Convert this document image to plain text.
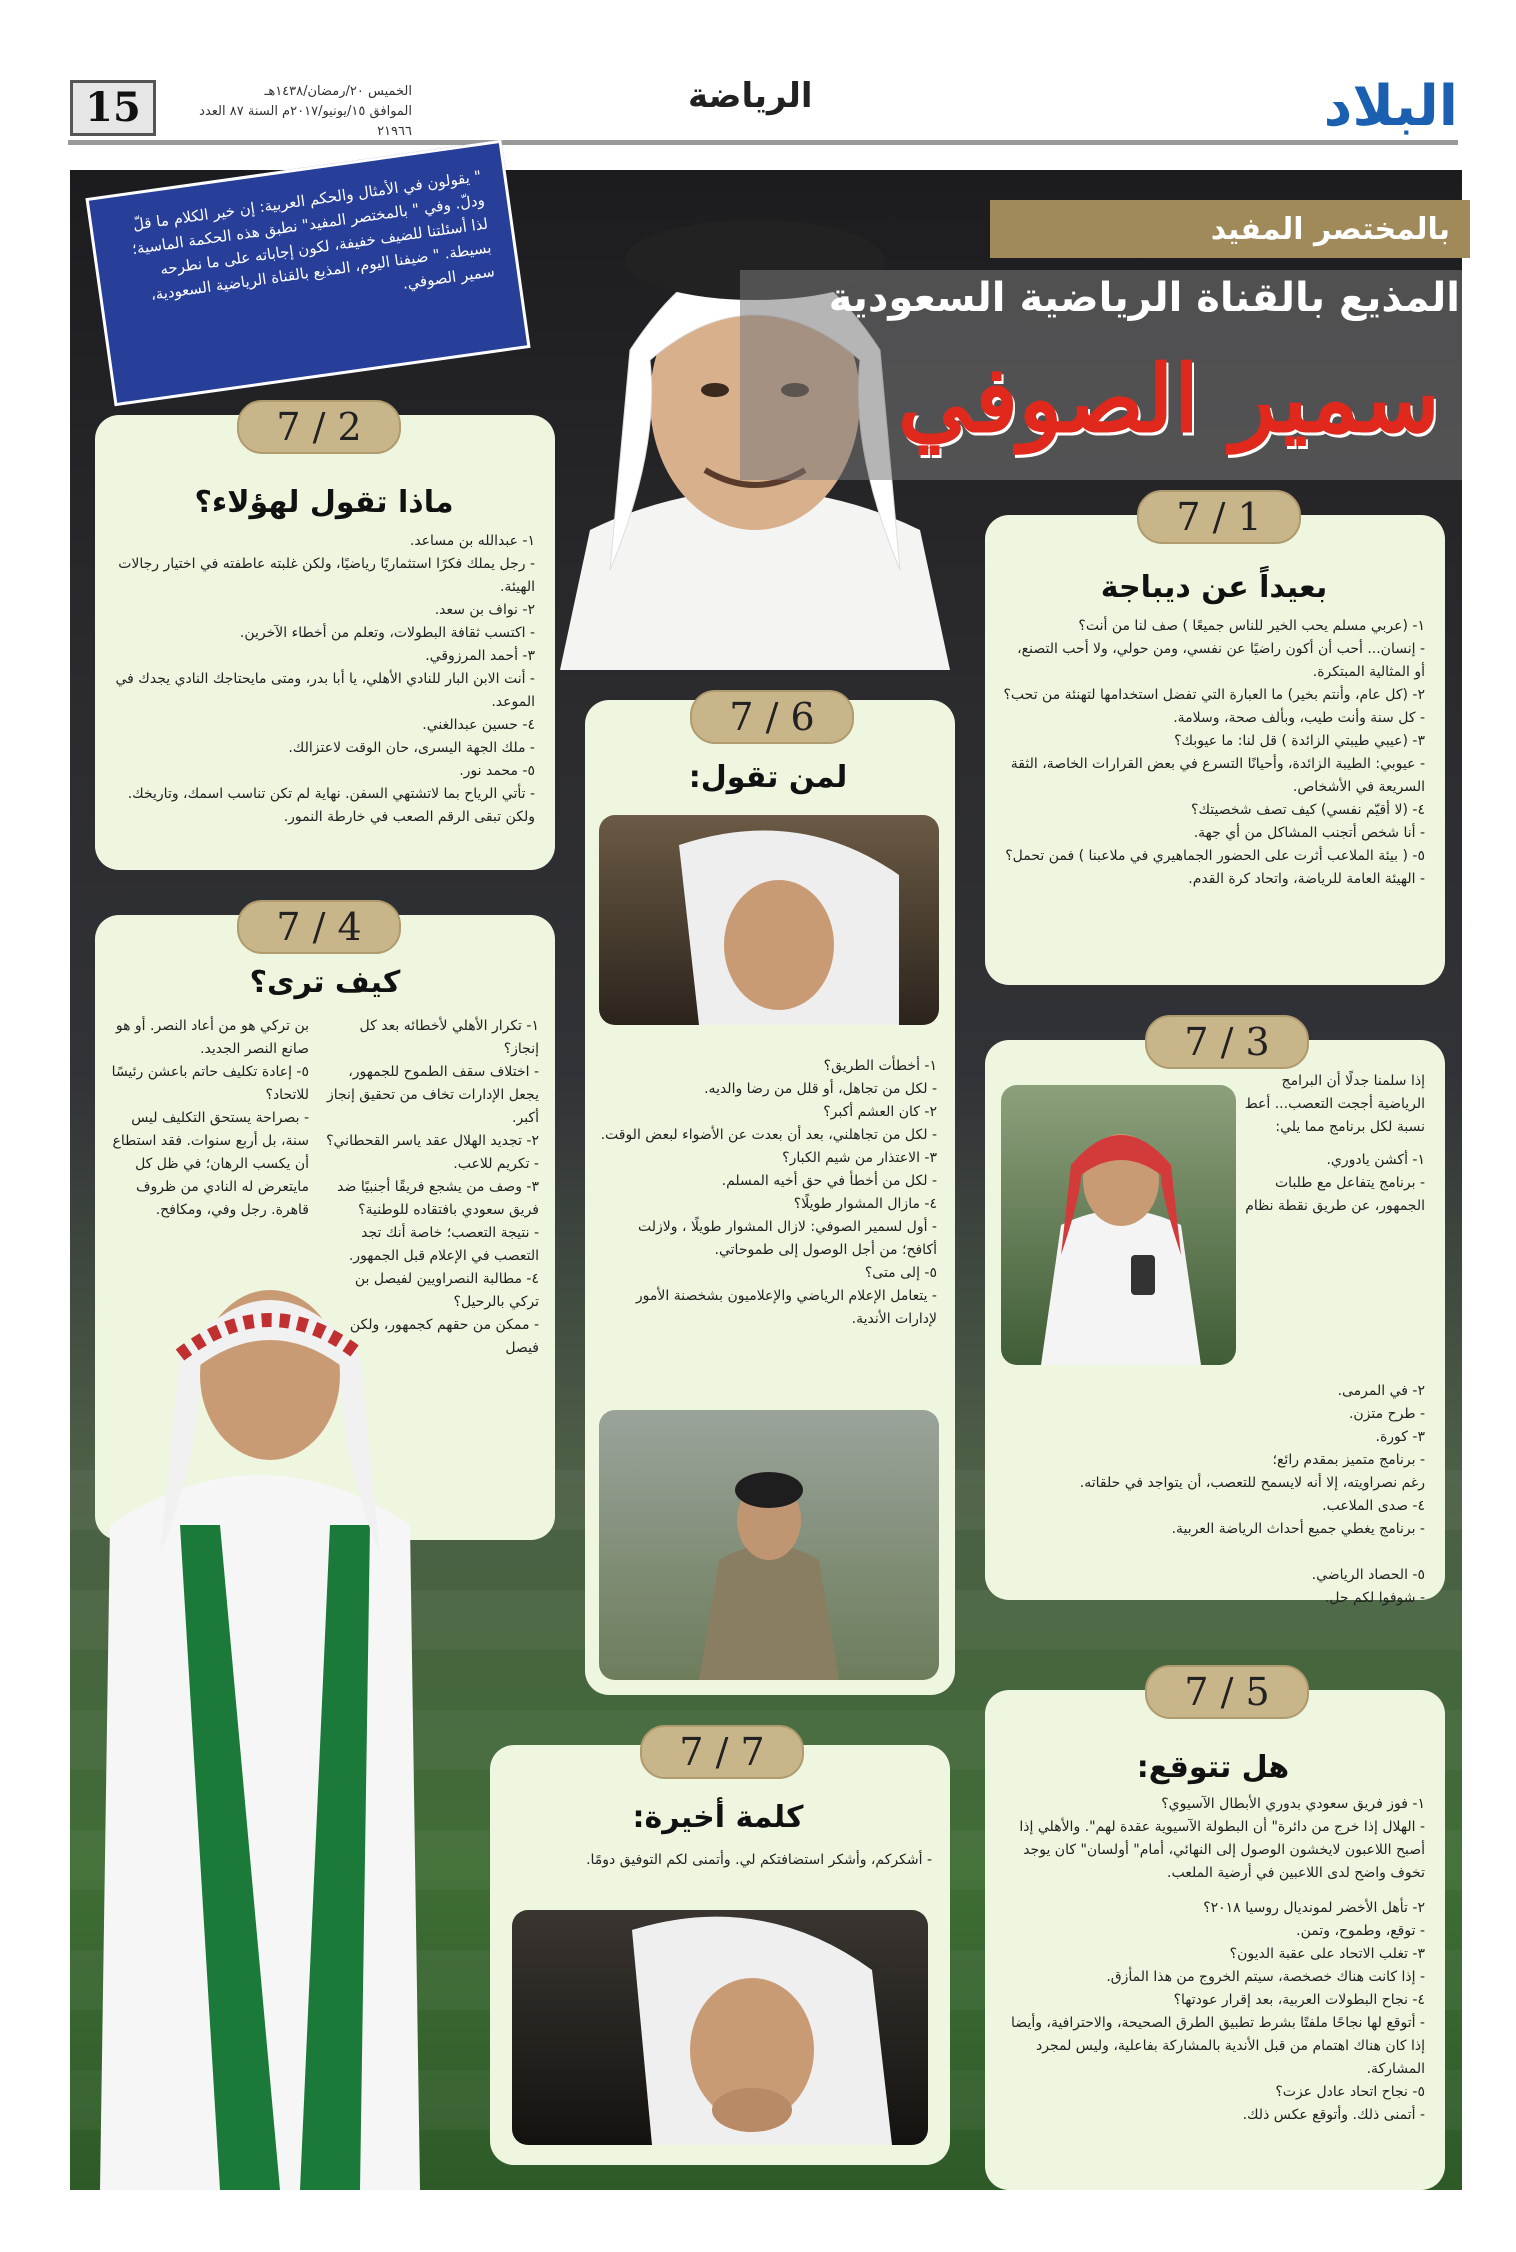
البلاد
الرياضة
15	الخميس ٢٠/رمضان/١٤٣٨هـ
الموافق ١٥/يونيو/٢٠١٧م السنة ٨٧ العدد ٢١٩٦٦
بالمختصر المفيد
المذيع بالقناة الرياضية السعودية
سمير الصوفي
" يقولون في الأمثال والحكم العربية: إن خير الكلام ما قلّ ودلّ. وفي " بالمختصر المفيد" نطبق هذه الحكمة الماسية؛ لذا أسئلتنا للضيف خفيفة، لكون إجاباته على ما نطرحه بسيطة. " ضيفنا اليوم، المذيع بالقناة الرياضية السعودية، سمير الصوفي.
ماذا تقول لهؤلاء؟

١- عبدالله بن مساعد.

- رجل يملك فكرًا استثماريًا رياضيًا، ولكن غلبته عاطفته في اختيار رجالات الهيئة.

٢- نواف بن سعد.

- اكتسب ثقافة البطولات، وتعلم من أخطاء الآخرين.

٣- أحمد المرزوقي.

- أنت الابن البار للنادي الأهلي، يا أبا بدر، ومتى مايحتاجك النادي يجدك في الموعد.

٤- حسين عبدالغني.

- ملك الجهة اليسرى، حان الوقت لاعتزالك.

٥- محمد نور.

- تأتي الرياح بما لاتشتهي السفن. نهاية لم تكن تناسب اسمك، وتاريخك. ولكن تبقى الرقم الصعب في خارطة النمور.

7 / 2
بعيداً عن ديباجة

١- (عربي مسلم يحب الخير للناس جميعًا ) صف لنا من أنت؟

- إنسان... أحب أن أكون راضيًا عن نفسي، ومن حولي، ولا أحب التصنع، أو المثالية المبتكرة.

٢- (كل عام، وأنتم بخير) ما العبارة التي تفضل استخدامها لتهنئة من تحب؟

- كل سنة وأنت طيب، وبألف صحة، وسلامة.

٣- (عيبي طيبتي الزائدة ) قل لنا: ما عيوبك؟

- عيوبي: الطيبة الزائدة، وأحيانًا التسرع في بعض القرارات الخاصة، الثقة السريعة في الأشخاص.

٤- (لا أقيّم نفسي) كيف تصف شخصيتك؟

- أنا شخص أتجنب المشاكل من أي جهة.

٥- ( بيئة الملاعب أثرت على الحضور الجماهيري في ملاعبنا ) فمن تحمل؟

- الهيئة العامة للرياضة، واتحاد كرة القدم.

7 / 1
لمن تقول:

١- أخطأت الطريق؟

- لكل من تجاهل، أو قلل من رضا والديه.

٢- كان العشم أكبر؟

- لكل من تجاهلني، بعد أن بعدت عن الأضواء لبعض الوقت.

٣- الاعتذار من شيم الكبار؟

- لكل من أخطأ في حق أخيه المسلم.

٤- مازال المشوار طويلًا؟

- أول لسمير الصوفي: لازال المشوار طويلًا ، ولازلت أكافح؛ من أجل الوصول إلى طموحاتي.

٥- إلى متى؟

- يتعامل الإعلام الرياضي والإعلاميون بشخصنة الأمور لإدارات الأندية.

7 / 6
كيف ترى؟

١- تكرار الأهلي لأخطائه بعد كل إنجاز؟

- اختلاف سقف الطموح للجمهور، يجعل الإدارات تخاف من تحقيق إنجاز أكبر.

٢- تجديد الهلال عقد ياسر القحطاني؟

- تكريم للاعب.

٣- وصف من يشجع فريقًا أجنبيًا ضد فريق سعودي بافتقاده للوطنية؟

- نتيجة التعصب؛ خاصة أنك تجد التعصب في الإعلام قبل الجمهور.

٤- مطالبة النصراويين لفيصل بن تركي بالرحيل؟

- ممكن من حقهم كجمهور، ولكن فيصل

بن تركي هو من أعاد النصر. أو هو صانع النصر الجديد.

٥- إعادة تكليف حاتم باعشن رئيسًا للاتحاد؟

- بصراحة يستحق التكليف ليس سنة، بل أربع سنوات. فقد استطاع أن يكسب الرهان؛ في ظل كل مايتعرض له النادي من ظروف قاهرة. رجل وفي، ومكافح.

7 / 4

إذا سلمنا جدلًا أن البرامج الرياضية أججت التعصب... أعط نسبة لكل برنامج مما يلي:

١- أكشن يادوري.

- برنامج يتفاعل مع طلبات الجمهور، عن طريق نقطة نظام

٢- في المرمى.

- طرح متزن.

٣- كورة.

- برنامج متميز بمقدم رائع؛

رغم نصراويته، إلا أنه لايسمح للتعصب، أن يتواجد في حلقاته.

٤- صدى الملاعب.

- برنامج يغطي جميع أحداث الرياضة العربية.

٥- الحصاد الرياضي.

- شوفوا لكم حل.

7 / 3
هل تتوقع:

١- فوز فريق سعودي بدوري الأبطال الآسيوي؟

- الهلال إذا خرج من دائرة" أن البطولة الآسيوية عقدة لهم". والأهلي إذا أصبح اللاعبون لايخشون الوصول إلى النهائي، أمام" أولسان" كان يوجد تخوف واضح لدى اللاعبين في أرضية الملعب.

٢- تأهل الأخضر لمونديال روسيا ٢٠١٨؟

- توقع، وطموح، وتمن.

٣- تغلب الاتحاد على عقبة الديون؟

- إذا كانت هناك خصخصة، سيتم الخروج من هذا المأزق.

٤- نجاح البطولات العربية، بعد إقرار عودتها؟

- أتوقع لها نجاحًا ملفتًا بشرط تطبيق الطرق الصحيحة، والاحترافية، وأيضا إذا كان هناك اهتمام من قبل الأندية بالمشاركة بفاعلية، وليس لمجرد المشاركة.

٥- نجاح اتحاد عادل عزت؟

- أتمنى ذلك. وأتوقع عكس ذلك.

7 / 5
كلمة أخيرة:

- أشكركم، وأشكر استضافتكم لي. وأتمنى لكم التوفيق دومًا.

7 / 7
